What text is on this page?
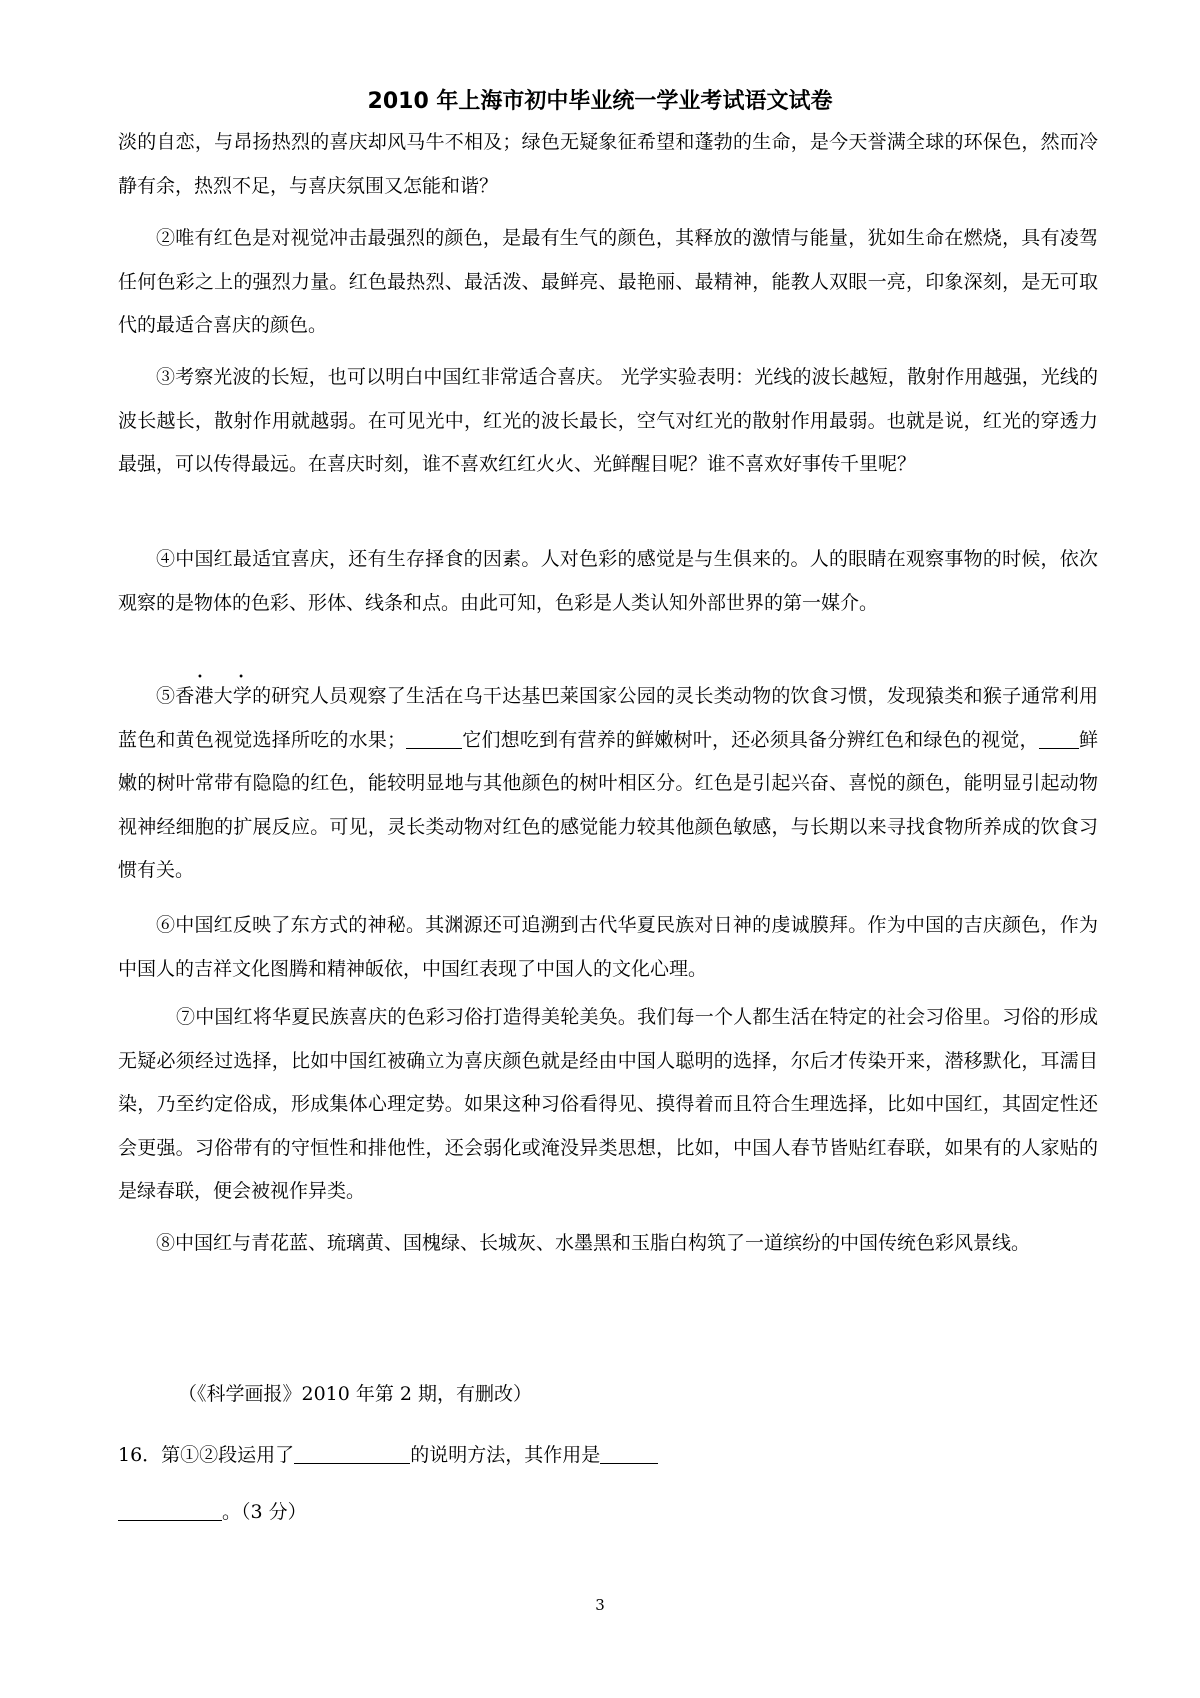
2010 年上海市初中毕业统一学业考试语文试卷

淡的自恋，与昂扬热烈的喜庆却风马牛不相及；绿色无疑象征希望和蓬勃的生命，是今天誉满全球的环保色，然而冷静有余，热烈不足，与喜庆氛围又怎能和谐？

②唯有红色是对视觉冲击最强烈的颜色，是最有生气的颜色，其释放的激情与能量，犹如生命在燃烧，具有凌驾任何色彩之上的强烈力量。红色最热烈、最活泼、最鲜亮、最艳丽、最精神，能教人双眼一亮，印象深刻，是无可取代的最适合喜庆的颜色。

③考察光波的长短，也可以明白中国红非常适合喜庆。 光学实验表明：光线的波长越短，散射作用越强，光线的波长越长，散射作用就越弱。在可见光中，红光的波长最长，空气对红光的散射作用最弱。也就是说，红光的穿透力最强，可以传得最远。在喜庆时刻，谁不喜欢红红火火、光鲜醒目呢？谁不喜欢好事传千里呢？

④中国红最适宜喜庆，还有生存择食的因素。人对色彩的感觉是与生俱来的。人的眼睛在观察事物的时候，依次观察的是物体的色彩、形体、线条和点。由此可知，色彩是人类认知外部世界的第一媒介。

• •

⑤香港大学的研究人员观察了生活在乌干达基巴莱国家公园的灵长类动物的饮食习惯，发现猿类和猴子通常利用蓝色和黄色视觉选择所吃的水果；	它们想吃到有营养的鲜嫩树叶，还必须具备分辨红色和绿色的视觉， 鲜嫩的树叶常带有隐隐的红色，能较明显地与其他颜色的树叶相区分。红色是引起兴奋、喜悦的颜色，能明显引起动物视神经细胞的扩展反应。可见，灵长类动物对红色的感觉能力较其他颜色敏感，与长期以来寻找食物所养成的饮食习惯有关。

⑥中国红反映了东方式的神秘。其渊源还可追溯到古代华夏民族对日神的虔诚膜拜。作为中国的吉庆颜色，作为中国人的吉祥文化图腾和精神皈依，中国红表现了中国人的文化心理。

⑦中国红将华夏民族喜庆的色彩习俗打造得美轮美奂。我们每一个人都生活在特定的社会习俗里。习俗的形成无疑必须经过选择，比如中国红被确立为喜庆颜色就是经由中国人聪明的选择，尔后才传染开来，潜移默化，耳濡目染，乃至约定俗成，形成集体心理定势。如果这种习俗看得见、摸得着而且符合生理选择，比如中国红，其固定性还会更强。习俗带有的守恒性和排他性，还会弱化或淹没异类思想，比如，中国人春节皆贴红春联，如果有的人家贴的是绿春联，便会被视作异类。

⑧中国红与青花蓝、琉璃黄、国槐绿、长城灰、水墨黑和玉脂白构筑了一道缤纷的中国传统色彩风景线。

（《科学画报》2010 年第 2 期，有删改）

16．第①②段运用了	的说明方法，其作用是

。（3 分）

3
